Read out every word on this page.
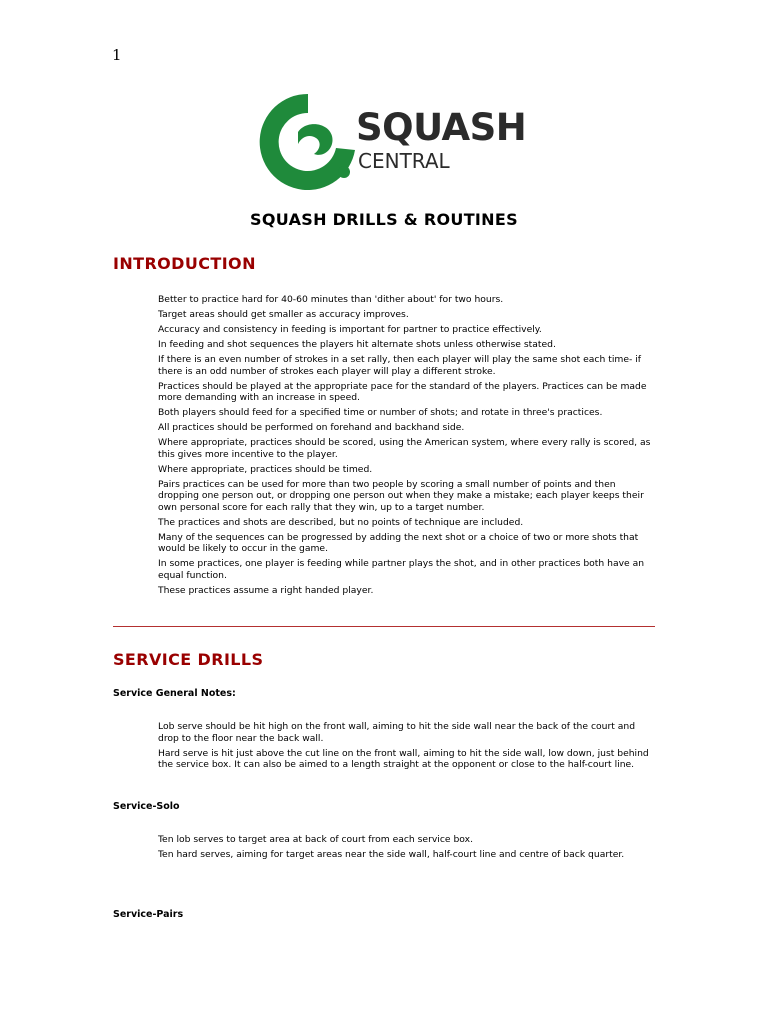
1
SQUASH
CENTRAL
SQUASH DRILLS & ROUTINES
INTRODUCTION
Better to practice hard for 40-60 minutes than 'dither about' for two hours.
Target areas should get smaller as accuracy improves.
Accuracy and consistency in feeding is important for partner to practice effectively.
In feeding and shot sequences the players hit alternate shots unless otherwise stated.
If there is an even number of strokes in a set rally, then each player will play the same shot each time- if there is an odd number of strokes each player will play a different stroke.
Practices should be played at the appropriate pace for the standard of the players. Practices can be made more demanding with an increase in speed.
Both players should feed for a specified time or number of shots; and rotate in three's practices.
All practices should be performed on forehand and backhand side.
Where appropriate, practices should be scored, using the American system, where every rally is scored, as this gives more incentive to the player.
Where appropriate, practices should be timed.
Pairs practices can be used for more than two people by scoring a small number of points and then dropping one person out, or dropping one person out when they make a mistake; each player keeps their own personal score for each rally that they win, up to a target number.
The practices and shots are described, but no points of technique are included.
Many of the sequences can be progressed by adding the next shot or a choice of two or more shots that would be likely to occur in the game.
In some practices, one player is feeding while partner plays the shot, and in other practices both have an equal function.
These practices assume a right handed player.
SERVICE DRILLS
Service General Notes:
Lob serve should be hit high on the front wall, aiming to hit the side wall near the back of the court and drop to the floor near the back wall.
Hard serve is hit just above the cut line on the front wall, aiming to hit the side wall, low down, just behind the service box. It can also be aimed to a length straight at the opponent or close to the half-court line.
Service-Solo
Ten lob serves to target area at back of court from each service box.
Ten hard serves, aiming for target areas near the side wall, half-court line and centre of back quarter.
Service-Pairs
